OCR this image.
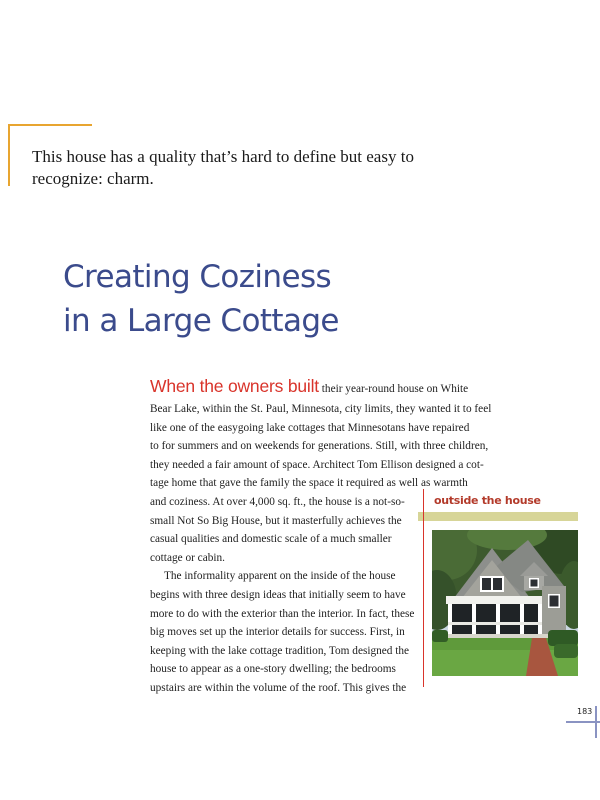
This house has a quality that’s hard to define but easy to recognize: charm.

Creating Coziness
in a Large Cottage
When the owners built their year-round house on White
Bear Lake, within the St. Paul, Minnesota, city limits, they wanted it to feel
like one of the easygoing lake cottages that Minnesotans have repaired
to for summers and on weekends for generations. Still, with three children,
they needed a fair amount of space. Architect Tom Ellison designed a cot-
tage home that gave the family the space it required as well as warmth
and coziness. At over 4,000 sq. ft., the house is a not-so-
small Not So Big House, but it masterfully achieves the
casual qualities and domestic scale of a much smaller
cottage or cabin.
The informality apparent on the inside of the house
begins with three design ideas that initially seem to have
more to do with the exterior than the interior. In fact, these
big moves set up the interior details for success. First, in
keeping with the lake cottage tradition, Tom designed the
house to appear as a one-story dwelling; the bedrooms
upstairs are within the volume of the roof. This gives the
outside the house
183
